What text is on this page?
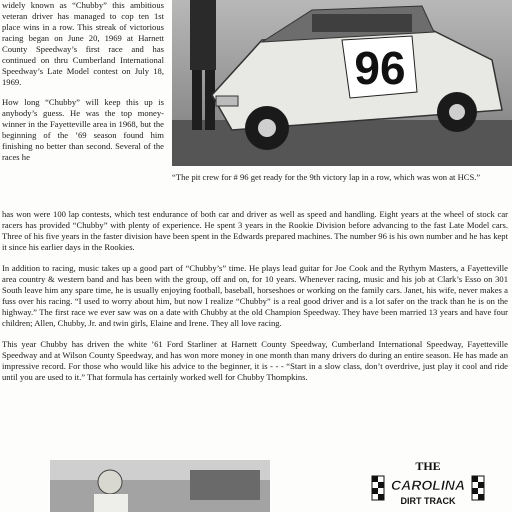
widely known as “Chubby” this ambitious veteran driver has managed to cop ten 1st place wins in a row. This streak of victorious racing began on June 20, 1969 at Harnett County Speedway’s first race and has continued on thru Cumberland International Speedway’s Late Model contest on July 18, 1969.

How long “Chubby” will keep this up is anybody’s guess. He was the top money-winner in the Fayetteville area in 1968, but the beginning of the ’69 season found him finishing no better than second. Several of the races he

96

“The pit crew for # 96 get ready for the 9th victory lap in a row, which was won at HCS.”

has won were 100 lap contests, which test endurance of both car and driver as well as speed and handling. Eight years at the wheel of stock car racers has provided “Chubby” with plenty of experience. He spent 3 years in the Rookie Division before advancing to the fast Late Model cars. Three of his five years in the faster division have been spent in the Edwards prepared machines. The number 96 is his own number and he has kept it since his earlier days in the Rookies.

In addition to racing, music takes up a good part of “Chubby’s” time. He plays lead guitar for Joe Cook and the Rythym Masters, a Fayetteville area country & western band and has been with the group, off and on, for 10 years. Whenever racing, music and his job at Clark’s Esso on 301 South leave him any spare time, he is usually enjoying football, baseball, horseshoes or working on the family cars. Janet, his wife, never makes a fuss over his racing. “I used to worry about him, but now I realize “Chubby” is a real good driver and is a lot safer on the track than he is on the highway.” The first race we ever saw was on a date with Chubby at the old Champion Speedway. They have been married 13 years and have four children; Allen, Chubby, Jr. and twin girls, Elaine and Irene. They all love racing.

This year Chubby has driven the white ’61 Ford Starliner at Harnett County Speedway, Cumberland International Speedway, Fayetteville Speedway and at Wilson County Speedway, and has won more money in one month than many drivers do during an entire season. He has made an impressive record. For those who would like his advice to the beginner, it is - - - “Start in a slow class, don’t overdrive, just play it cool and ride until you are used to it.” That formula has certainly worked well for Chubby Thompkins.

THE
CAROLINA
DIRT TRACK
